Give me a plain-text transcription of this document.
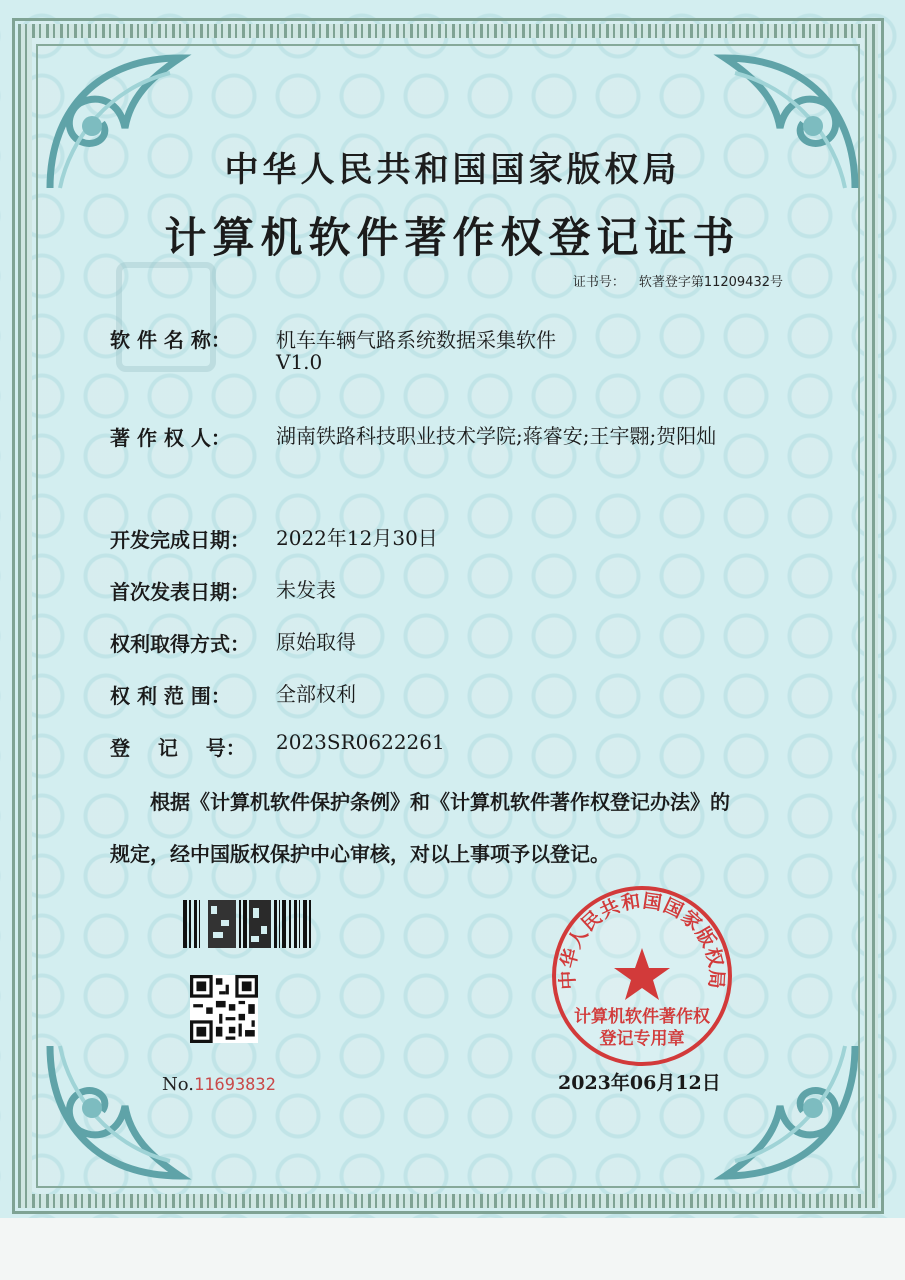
中华人民共和国国家版权局
计算机软件著作权登记证书
证书号： 软著登字第11209432号
软 件 名 称：	机车车辆气路系统数据采集软件
V1.0
著 作 权 人：	湖南铁路科技职业技术学院;蒋睿安;王宇翾;贺阳灿
开发完成日期：	2022年12月30日
首次发表日期：	未发表
权利取得方式：	原始取得
权 利 范 围：	全部权利
登    记    号：	2023SR0622261
根据《计算机软件保护条例》和《计算机软件著作权登记办法》的
规定，经中国版权保护中心审核，对以上事项予以登记。
No.11693832
中华人民共和国国家版权局
计算机软件著作权
登记专用章
2023年06月12日
